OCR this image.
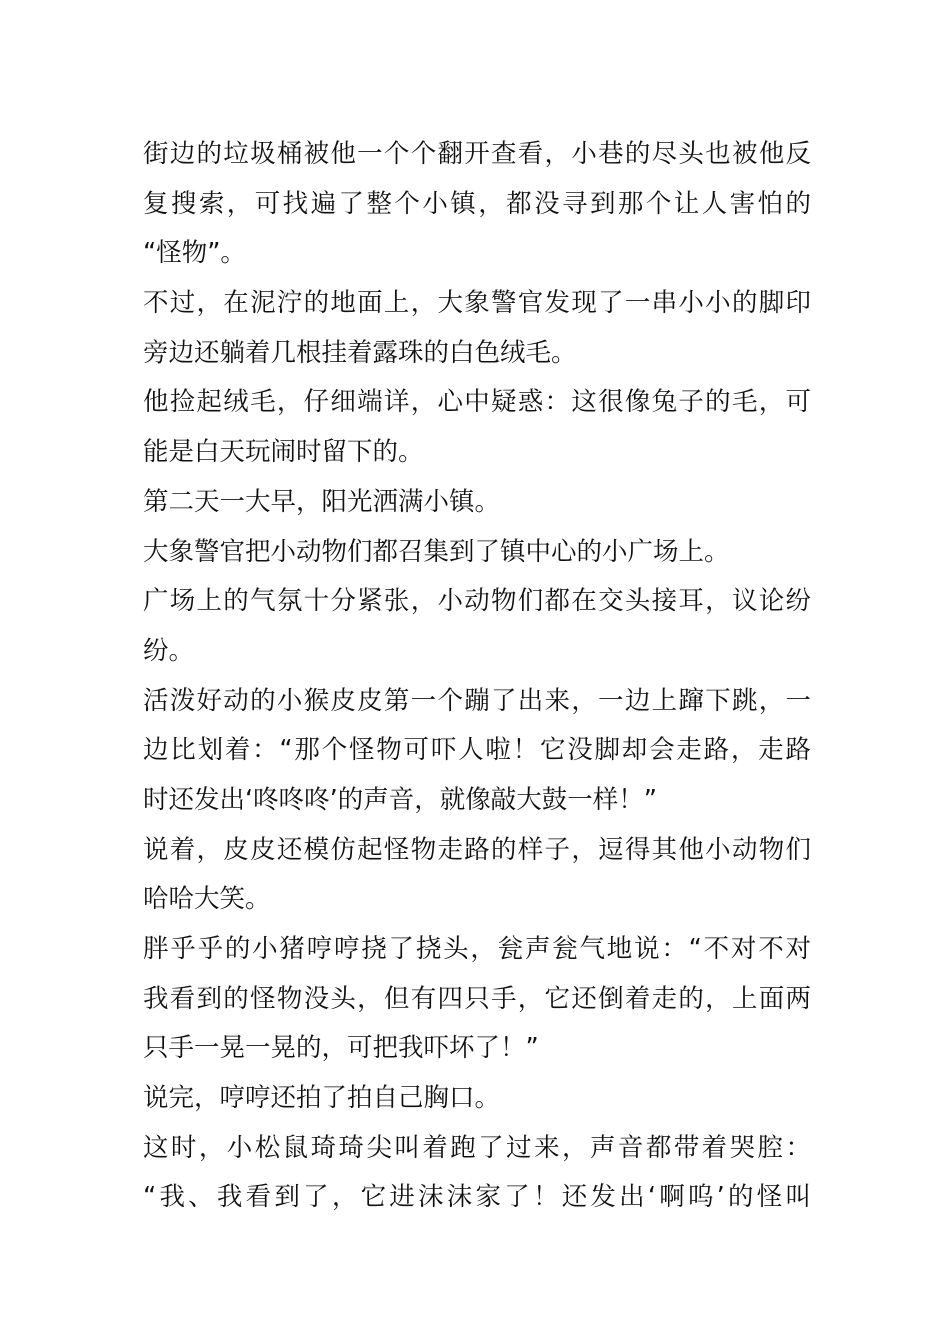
街边的垃圾桶被他一个个翻开查看，小巷的尽头也被他反
复搜索，可找遍了整个小镇，都没寻到那个让人害怕的
“怪物”。
不过，在泥泞的地面上，大象警官发现了一串小小的脚印
旁边还躺着几根挂着露珠的白色绒毛。
他捡起绒毛，仔细端详，心中疑惑：这很像兔子的毛，可
能是白天玩闹时留下的。
第二天一大早，阳光洒满小镇。
大象警官把小动物们都召集到了镇中心的小广场上。
广场上的气氛十分紧张，小动物们都在交头接耳，议论纷
纷。
活泼好动的小猴皮皮第一个蹦了出来，一边上蹿下跳，一
边比划着：“那个怪物可吓人啦！它没脚却会走路，走路
时还发出‘咚咚咚’的声音，就像敲大鼓一样！”
说着，皮皮还模仿起怪物走路的样子，逗得其他小动物们
哈哈大笑。
胖乎乎的小猪哼哼挠了挠头，瓮声瓮气地说：“不对不对
我看到的怪物没头，但有四只手，它还倒着走的，上面两
只手一晃一晃的，可把我吓坏了！”
说完，哼哼还拍了拍自己胸口。
这时，小松鼠琦琦尖叫着跑了过来，声音都带着哭腔：
“我、我看到了，它进沫沫家了！还发出‘啊呜’的怪叫
